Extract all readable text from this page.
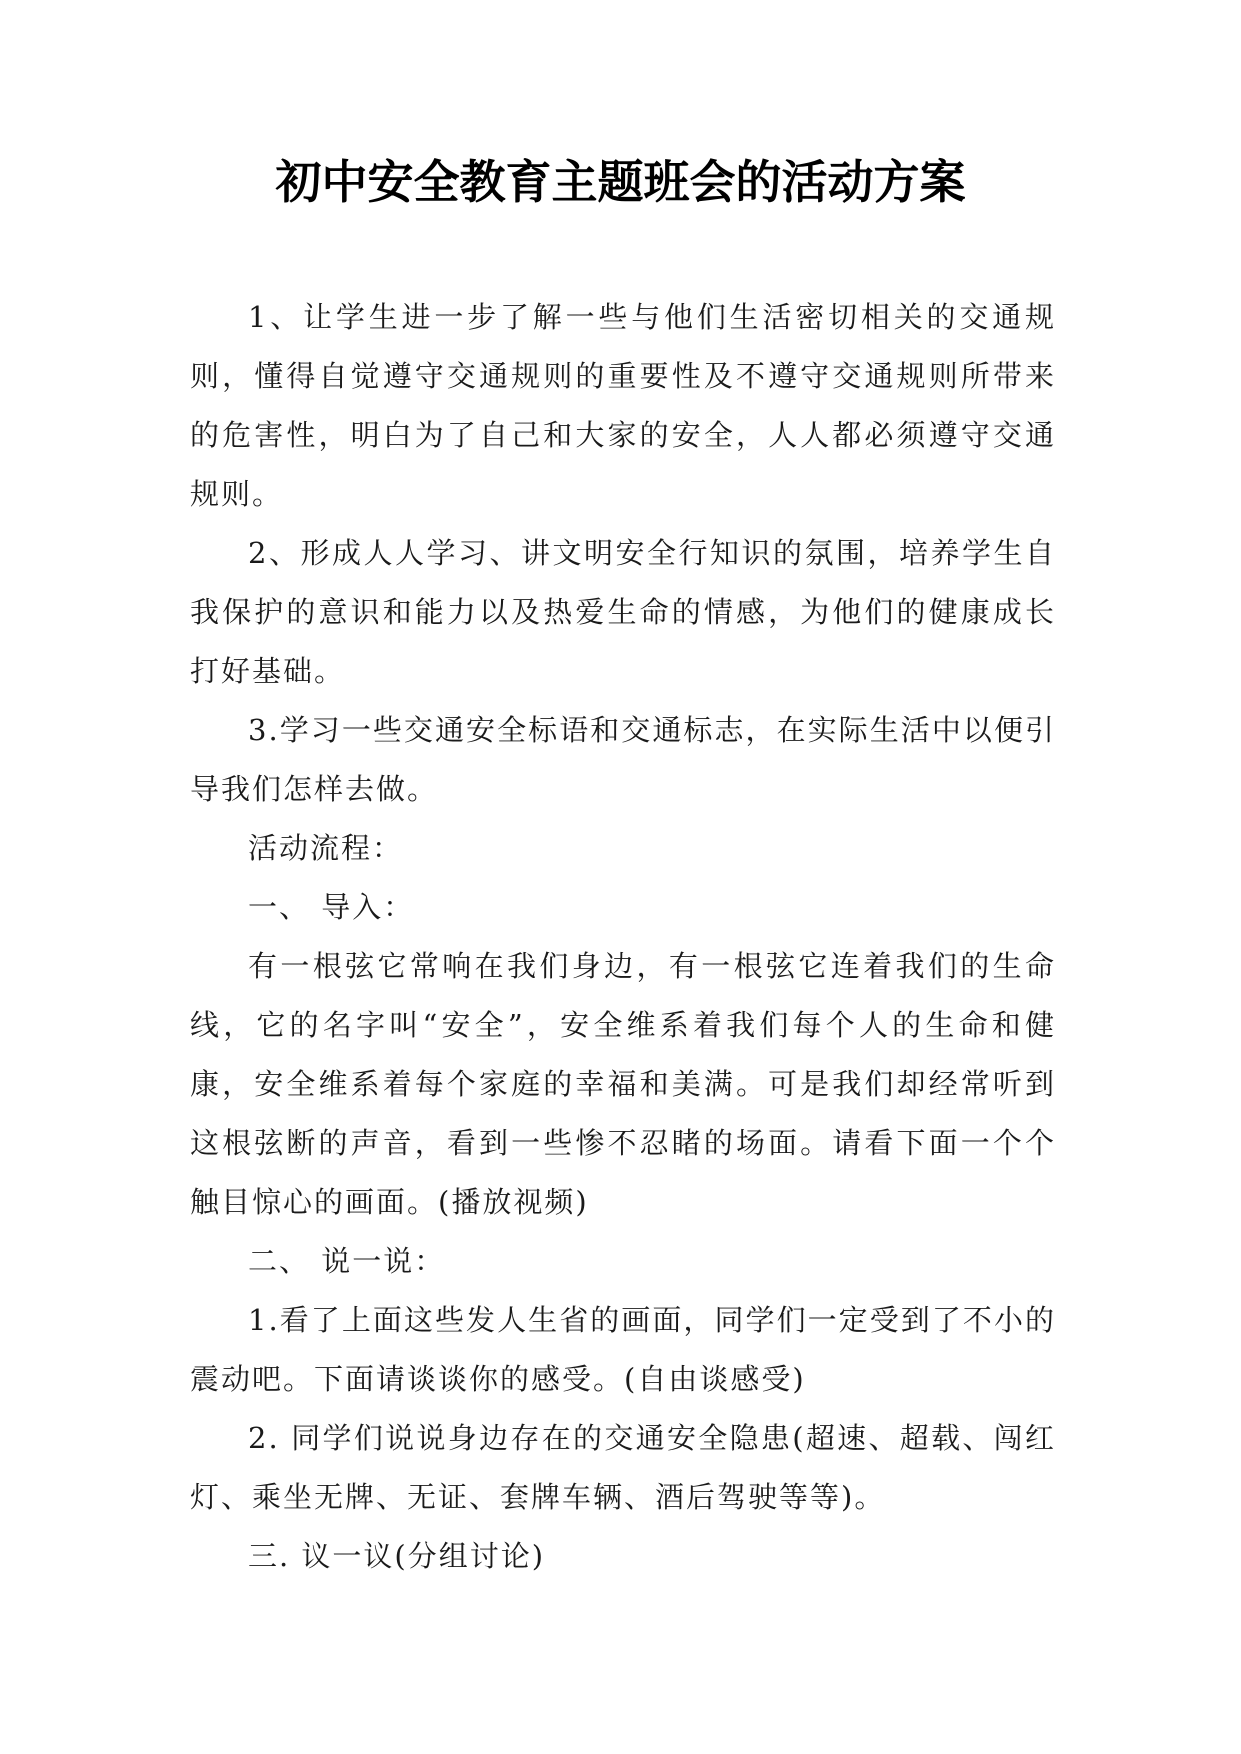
初中安全教育主题班会的活动方案

1、让学生进一步了解一些与他们生活密切相关的交通规则，懂得自觉遵守交通规则的重要性及不遵守交通规则所带来的危害性，明白为了自己和大家的安全，人人都必须遵守交通规则。

2、形成人人学习、讲文明安全行知识的氛围，培养学生自我保护的意识和能力以及热爱生命的情感，为他们的健康成长打好基础。

3.学习一些交通安全标语和交通标志，在实际生活中以便引导我们怎样去做。

活动流程：

一、 导入：

有一根弦它常响在我们身边，有一根弦它连着我们的生命线，它的名字叫“安全”，安全维系着我们每个人的生命和健康，安全维系着每个家庭的幸福和美满。可是我们却经常听到这根弦断的声音，看到一些惨不忍睹的场面。请看下面一个个触目惊心的画面。(播放视频)

二、 说一说：

1.看了上面这些发人生省的画面，同学们一定受到了不小的震动吧。下面请谈谈你的感受。(自由谈感受)

2. 同学们说说身边存在的交通安全隐患(超速、超载、闯红灯、乘坐无牌、无证、套牌车辆、酒后驾驶等等)。

三. 议一议(分组讨论)
